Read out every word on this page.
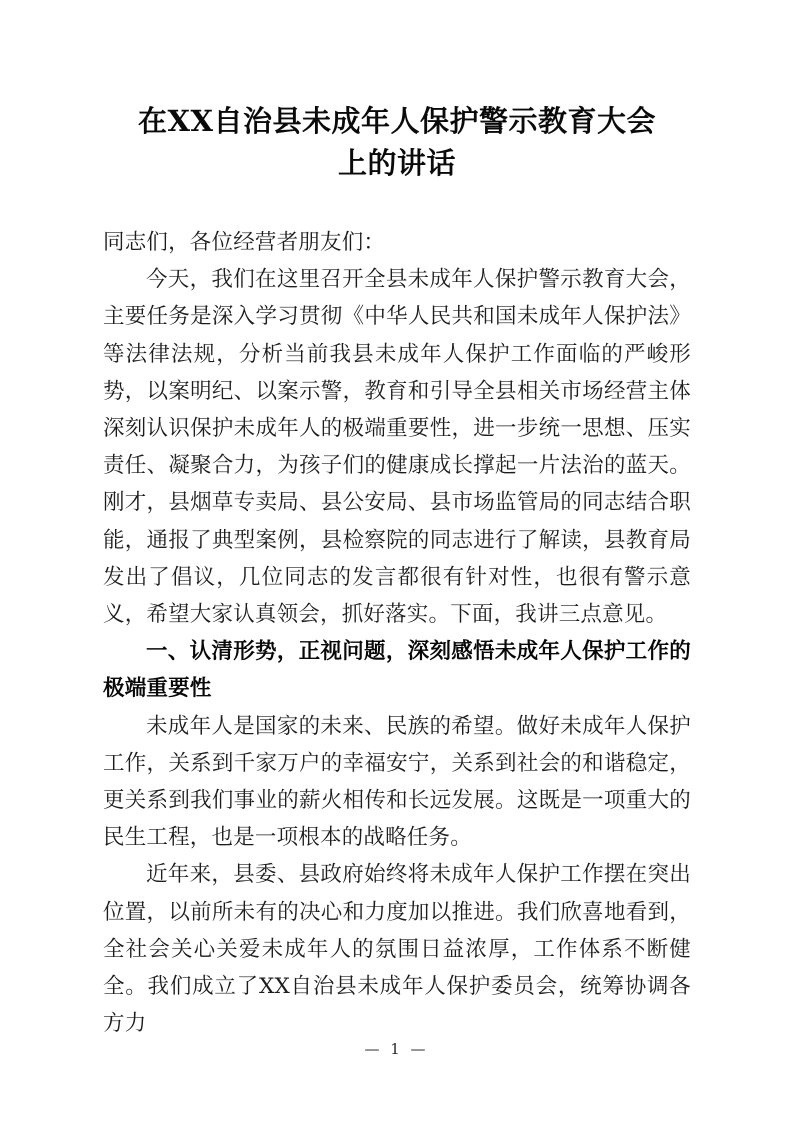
在XX自治县未成年人保护警示教育大会
上的讲话

同志们，各位经营者朋友们：

今天，我们在这里召开全县未成年人保护警示教育大会，主要任务是深入学习贯彻《中华人民共和国未成年人保护法》等法律法规，分析当前我县未成年人保护工作面临的严峻形势，以案明纪、以案示警，教育和引导全县相关市场经营主体深刻认识保护未成年人的极端重要性，进一步统一思想、压实责任、凝聚合力，为孩子们的健康成长撑起一片法治的蓝天。刚才，县烟草专卖局、县公安局、县市场监管局的同志结合职能，通报了典型案例，县检察院的同志进行了解读，县教育局发出了倡议，几位同志的发言都很有针对性，也很有警示意义，希望大家认真领会，抓好落实。下面，我讲三点意见。

一、认清形势，正视问题，深刻感悟未成年人保护工作的极端重要性

未成年人是国家的未来、民族的希望。做好未成年人保护工作，关系到千家万户的幸福安宁，关系到社会的和谐稳定，更关系到我们事业的薪火相传和长远发展。这既是一项重大的民生工程，也是一项根本的战略任务。

近年来，县委、县政府始终将未成年人保护工作摆在突出位置，以前所未有的决心和力度加以推进。我们欣喜地看到，全社会关心关爱未成年人的氛围日益浓厚，工作体系不断健全。我们成立了XX自治县未成年人保护委员会，统筹协调各方力

— 1 —
